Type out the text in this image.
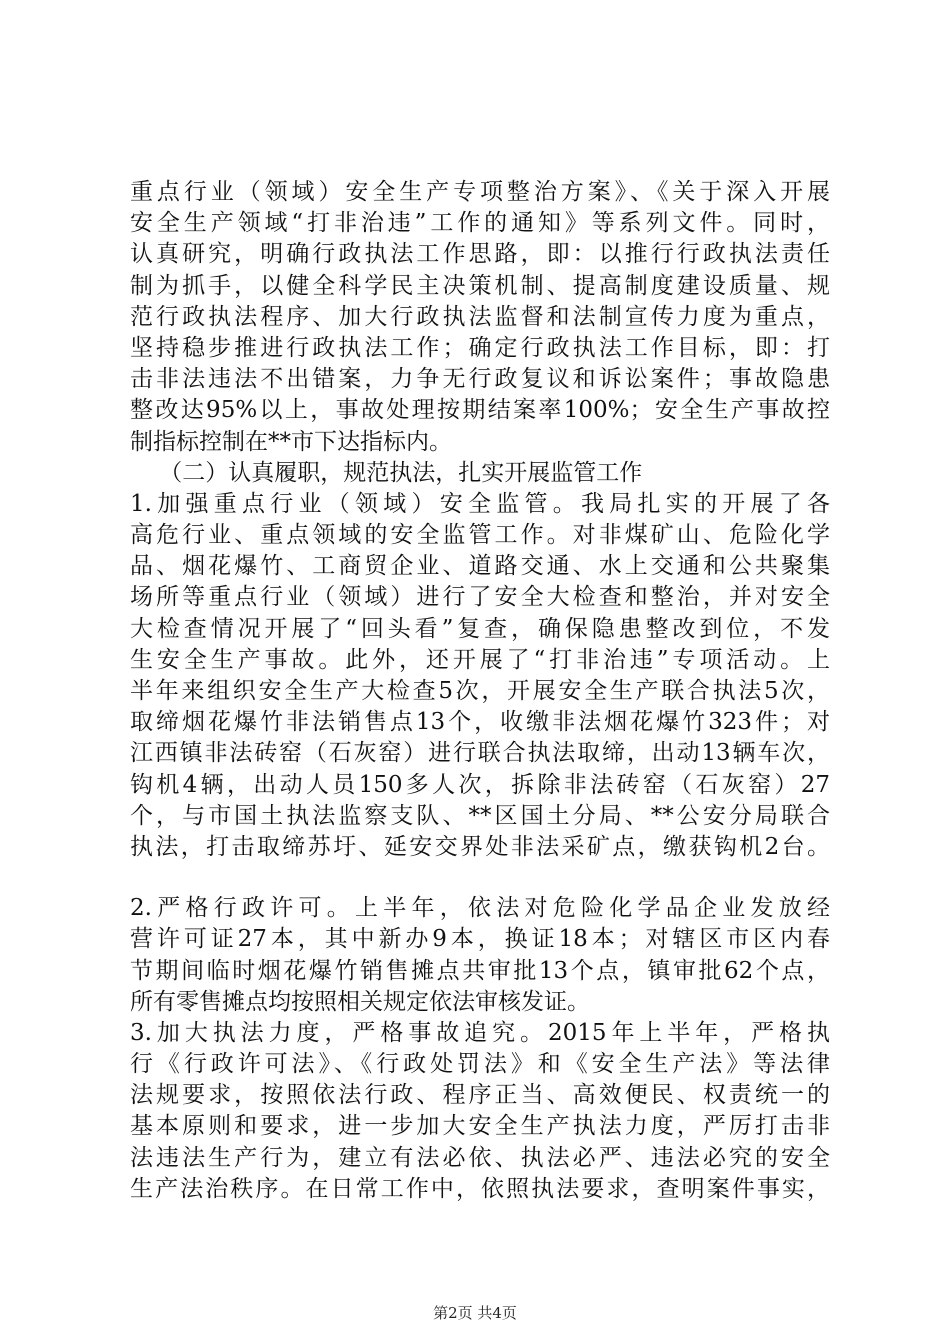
重点行业（领域）安全生产专项整治方案》、《关于深入开展

安全生产领域“打非治违”工作的通知》等系列文件。同时，

认真研究，明确行政执法工作思路，即：以推行行政执法责任

制为抓手，以健全科学民主决策机制、提高制度建设质量、规

范行政执法程序、加大行政执法监督和法制宣传力度为重点，

坚持稳步推进行政执法工作；确定行政执法工作目标，即：打

击非法违法不出错案，力争无行政复议和诉讼案件；事故隐患

整改达95%以上，事故处理按期结案率100%；安全生产事故控

制指标控制在**市下达指标内。

（二）认真履职，规范执法，扎实开展监管工作

1.加强重点行业（领域）安全监管。我局扎实的开展了各

高危行业、重点领域的安全监管工作。对非煤矿山、危险化学

品、烟花爆竹、工商贸企业、道路交通、水上交通和公共聚集

场所等重点行业（领域）进行了安全大检查和整治，并对安全

大检查情况开展了“回头看”复查，确保隐患整改到位，不发

生安全生产事故。此外，还开展了“打非治违”专项活动。上

半年来组织安全生产大检查5次，开展安全生产联合执法5次，

取缔烟花爆竹非法销售点13个，收缴非法烟花爆竹323件；对

江西镇非法砖窑（石灰窑）进行联合执法取缔，出动13辆车次，

钩机4辆，出动人员150多人次，拆除非法砖窑（石灰窑）27

个，与市国土执法监察支队、**区国土分局、**公安分局联合

执法，打击取缔苏圩、延安交界处非法采矿点，缴获钩机2台。

2.严格行政许可。上半年，依法对危险化学品企业发放经

营许可证27本，其中新办9本，换证18本；对辖区市区内春

节期间临时烟花爆竹销售摊点共审批13个点，镇审批62个点，

所有零售摊点均按照相关规定依法审核发证。

3.加大执法力度，严格事故追究。2015年上半年，严格执

行《行政许可法》、《行政处罚法》和《安全生产法》等法律

法规要求，按照依法行政、程序正当、高效便民、权责统一的

基本原则和要求，进一步加大安全生产执法力度，严厉打击非

法违法生产行为，建立有法必依、执法必严、违法必究的安全

生产法治秩序。在日常工作中，依照执法要求，查明案件事实，

第2页 共4页
